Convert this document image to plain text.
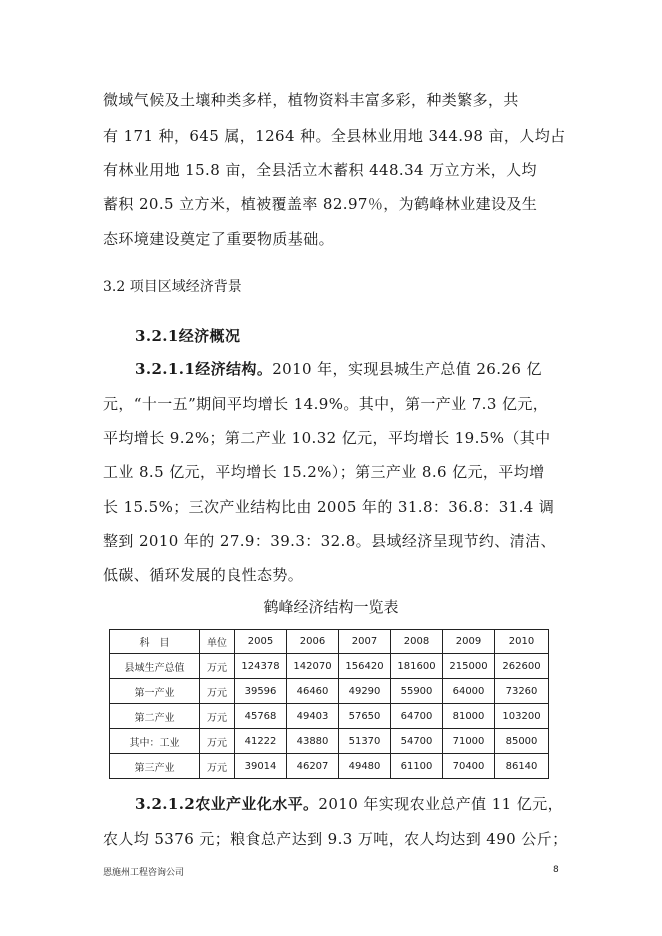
微域气候及土壤种类多样，植物资料丰富多彩，种类繁多，共
有 171 种，645 属，1264 种。全县林业用地 344.98 亩，人均占
有林业用地 15.8 亩，全县活立木蓄积 448.34 万立方米，人均
蓄积 20.5 立方米，植被覆盖率 82.97％，为鹤峰林业建设及生
态环境建设奠定了重要物质基础。
3.2 项目区域经济背景
3.2.1经济概况
3.2.1.1经济结构。2010 年，实现县城生产总值 26.26 亿
元，“十一五”期间平均增长 14.9%。其中，第一产业 7.3 亿元，
平均增长 9.2%；第二产业 10.32 亿元，平均增长 19.5%（其中
工业 8.5 亿元，平均增长 15.2%）；第三产业 8.6 亿元，平均增
长 15.5%；三次产业结构比由 2005 年的 31.8：36.8：31.4 调
整到 2010 年的 27.9：39.3：32.8。县域经济呈现节约、清洁、
低碳、循环发展的良性态势。
鹤峰经济结构一览表
科　目	单位	2005	2006	2007	2008	2009	2010
县域生产总值	万元	124378	142070	156420	181600	215000	262600
第一产业	万元	39596	46460	49290	55900	64000	73260
第二产业	万元	45768	49403	57650	64700	81000	103200
其中：工业	万元	41222	43880	51370	54700	71000	85000
第三产业	万元	39014	46207	49480	61100	70400	86140
3.2.1.2农业产业化水平。2010 年实现农业总产值 11 亿元，
农人均 5376 元；粮食总产达到 9.3 万吨，农人均达到 490 公斤；
恩施州工程咨询公司	8
